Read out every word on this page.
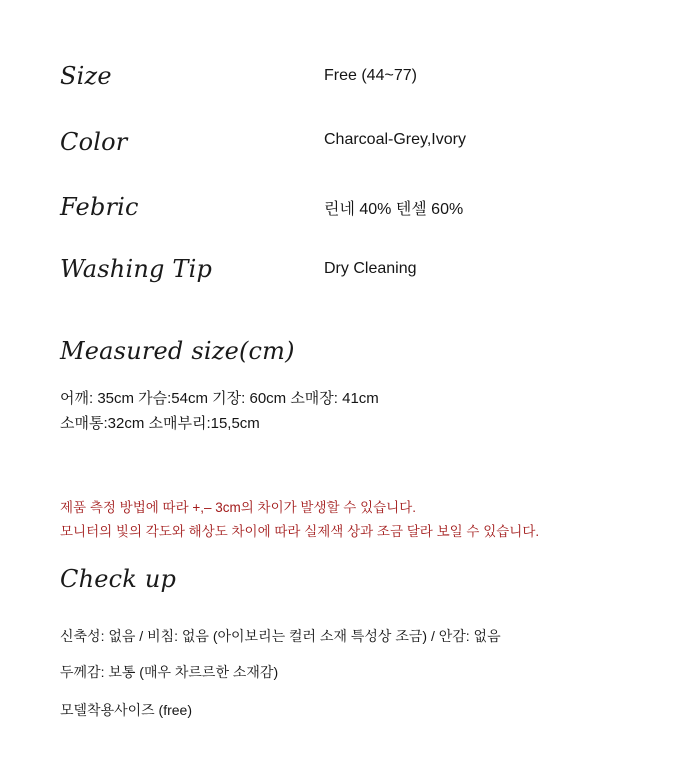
Size	Free (44~77)
Color	Charcoal-Grey,Ivory
Febric	린네 40% 텐셀 60%
Washing Tip	Dry Cleaning
Measured size(cm)
어깨: 35cm 가슴:54cm 기장: 60cm 소매장: 41cm
소매통:32cm 소매부리:15,5cm
제품 측정 방법에 따라 +,– 3cm의 차이가 발생할 수 있습니다.
모니터의 빛의 각도와 해상도 차이에 따라 실제색 상과 조금 달라 보일 수 있습니다.
Check up
신축성: 없음 / 비침: 없음 (아이보리는 컬러 소재 특성상 조금) / 안감: 없음
두께감: 보통 (매우 차르르한 소재감)
모델착용사이즈 (free)
